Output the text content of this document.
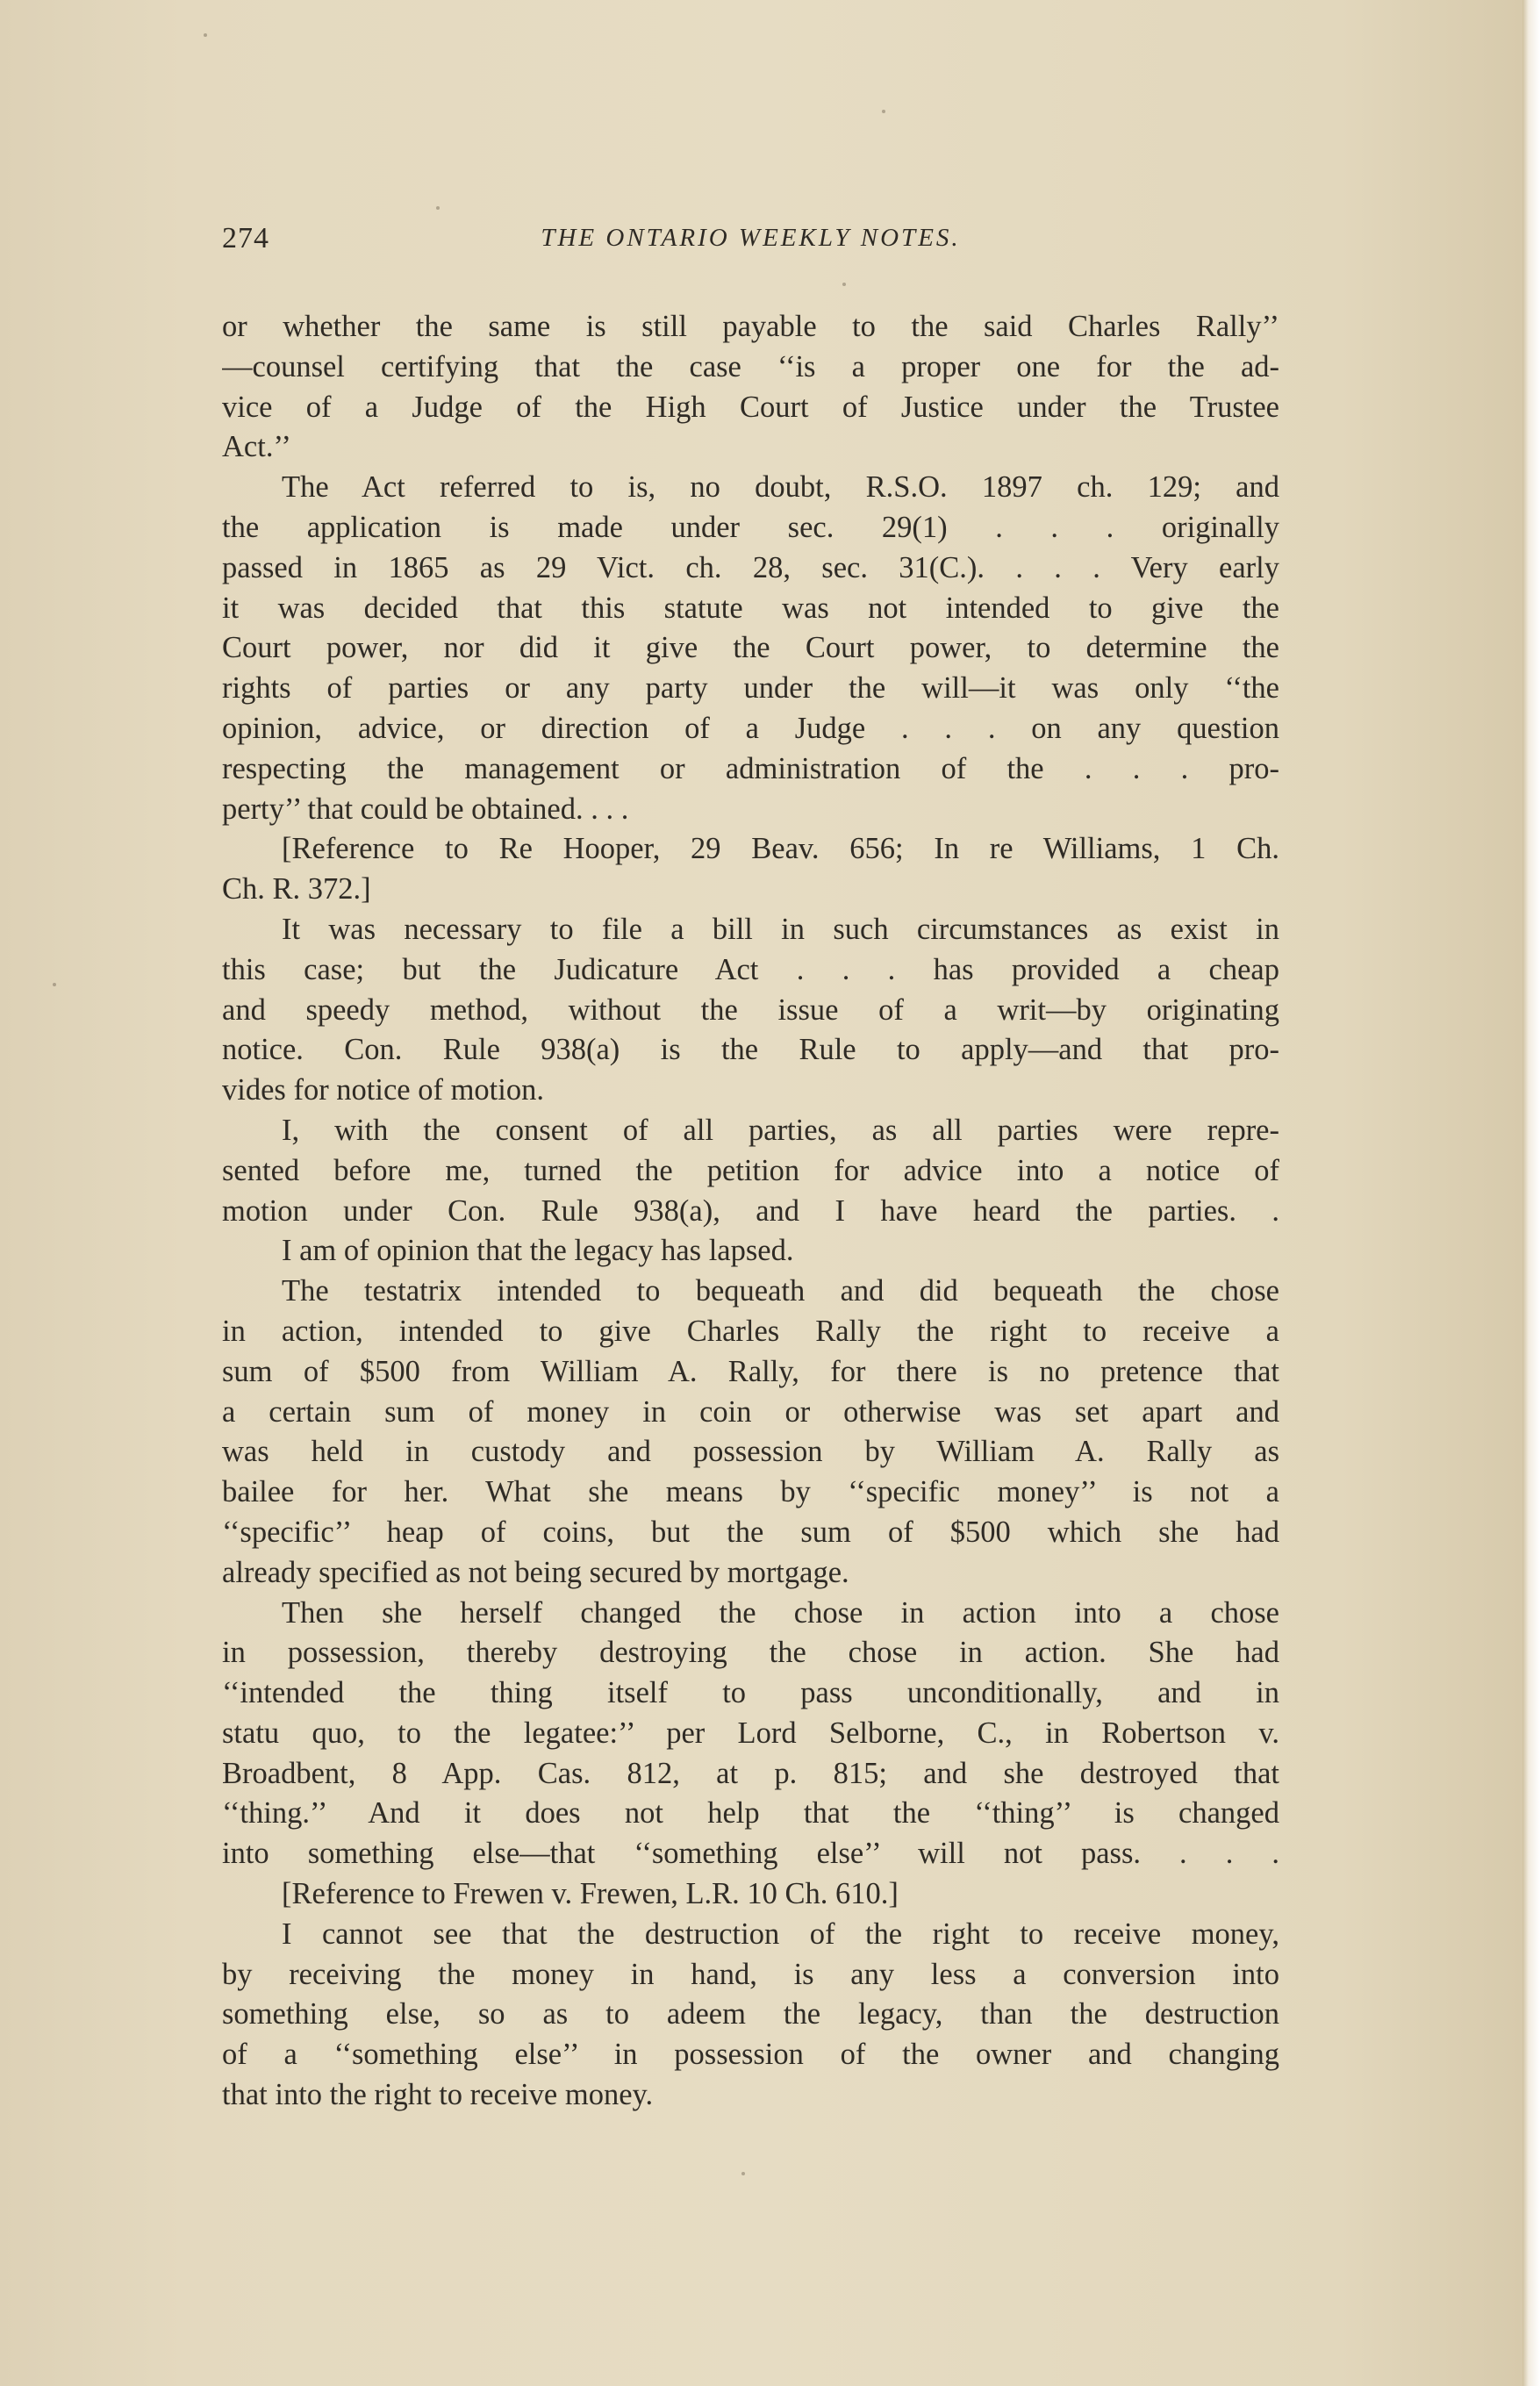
274	THE ONTARIO WEEKLY NOTES.
or whether the same is still payable to the said Charles Rally’’
—counsel certifying that the case ‘‘is a proper one for the ad-
vice of a Judge of the High Court of Justice under the Trustee
Act.’’
The Act referred to is, no doubt, R.S.O. 1897 ch. 129; and
the application is made under sec. 29(1) . . . originally
passed in 1865 as 29 Vict. ch. 28, sec. 31(C.). . . . Very early
it was decided that this statute was not intended to give the
Court power, nor did it give the Court power, to determine the
rights of parties or any party under the will—it was only ‘‘the
opinion, advice, or direction of a Judge . . . on any question
respecting the management or administration of the . . . pro-
perty’’ that could be obtained. . . .
[Reference to Re Hooper, 29 Beav. 656; In re Williams, 1 Ch.
Ch. R. 372.]
It was necessary to file a bill in such circumstances as exist in
this case; but the Judicature Act . . . has provided a cheap
and speedy method, without the issue of a writ—by originating
notice. Con. Rule 938(a) is the Rule to apply—and that pro-
vides for notice of motion.
I, with the consent of all parties, as all parties were repre-
sented before me, turned the petition for advice into a notice of
motion under Con. Rule 938(a), and I have heard the parties. .
I am of opinion that the legacy has lapsed.
The testatrix intended to bequeath and did bequeath the chose
in action, intended to give Charles Rally the right to receive a
sum of $500 from William A. Rally, for there is no pretence that
a certain sum of money in coin or otherwise was set apart and
was held in custody and possession by William A. Rally as
bailee for her. What she means by ‘‘specific money’’ is not a
‘‘specific’’ heap of coins, but the sum of $500 which she had
already specified as not being secured by mortgage.
Then she herself changed the chose in action into a chose
in possession, thereby destroying the chose in action. She had
‘‘intended the thing itself to pass unconditionally, and in
statu quo, to the legatee:’’ per Lord Selborne, C., in Robertson v.
Broadbent, 8 App. Cas. 812, at p. 815; and she destroyed that
‘‘thing.’’ And it does not help that the ‘‘thing’’ is changed
into something else—that ‘‘something else’’ will not pass. . . .
[Reference to Frewen v. Frewen, L.R. 10 Ch. 610.]
I cannot see that the destruction of the right to receive money,
by receiving the money in hand, is any less a conversion into
something else, so as to adeem the legacy, than the destruction
of a ‘‘something else’’ in possession of the owner and changing
that into the right to receive money.
